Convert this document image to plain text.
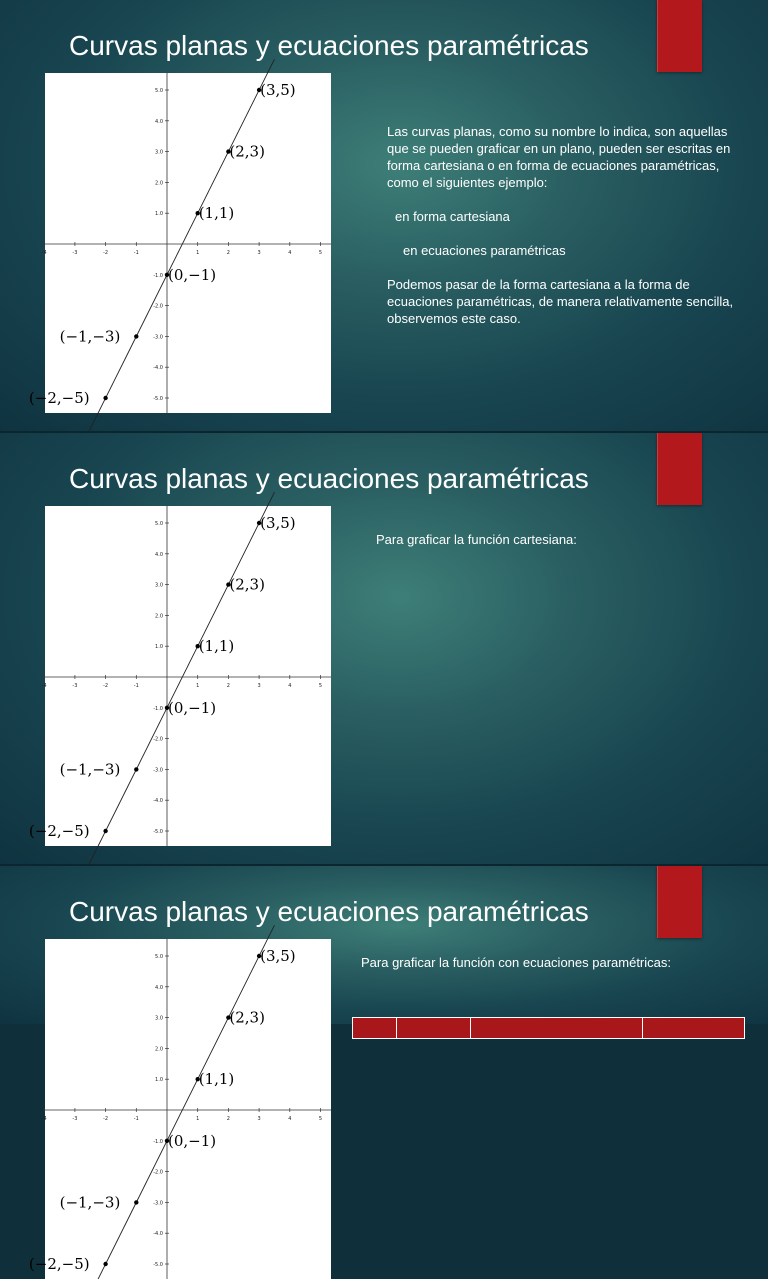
Curvas planas y ecuaciones paramétricas
-4	-3	-2	-1	1	2	3	4	5
5.0
4.0
3.0
2.0
1.0
-1.0
-2.0
-3.0
-4.0
-5.0
(3,5)
(2,3)
(1,1)
(0,−1)
(−1,−3)
(−2,−5)

Las curvas planas, como su nombre lo indica, son aquellas que se pueden graficar en un plano, pueden ser escritas en forma cartesiana o en forma de ecuaciones paramétricas, como el siguientes ejemplo:

en forma cartesiana

en ecuaciones paramétricas

Podemos pasar de la forma cartesiana a la forma de ecuaciones paramétricas, de manera relativamente sencilla, observemos este caso.

Curvas planas y ecuaciones paramétricas
-4	-3	-2	-1	1	2	3	4	5
5.0
4.0
3.0
2.0
1.0
-1.0
-2.0
-3.0
-4.0
-5.0
(3,5)
(2,3)
(1,1)
(0,−1)
(−1,−3)
(−2,−5)

Para graficar la función cartesiana:

Curvas planas y ecuaciones paramétricas
-4	-3	-2	-1	1	2	3	4	5
5.0
4.0
3.0
2.0
1.0
-1.0
-2.0
-3.0
-4.0
-5.0
(3,5)
(2,3)
(1,1)
(0,−1)
(−1,−3)
(−2,−5)

Para graficar la función con ecuaciones paramétricas:
